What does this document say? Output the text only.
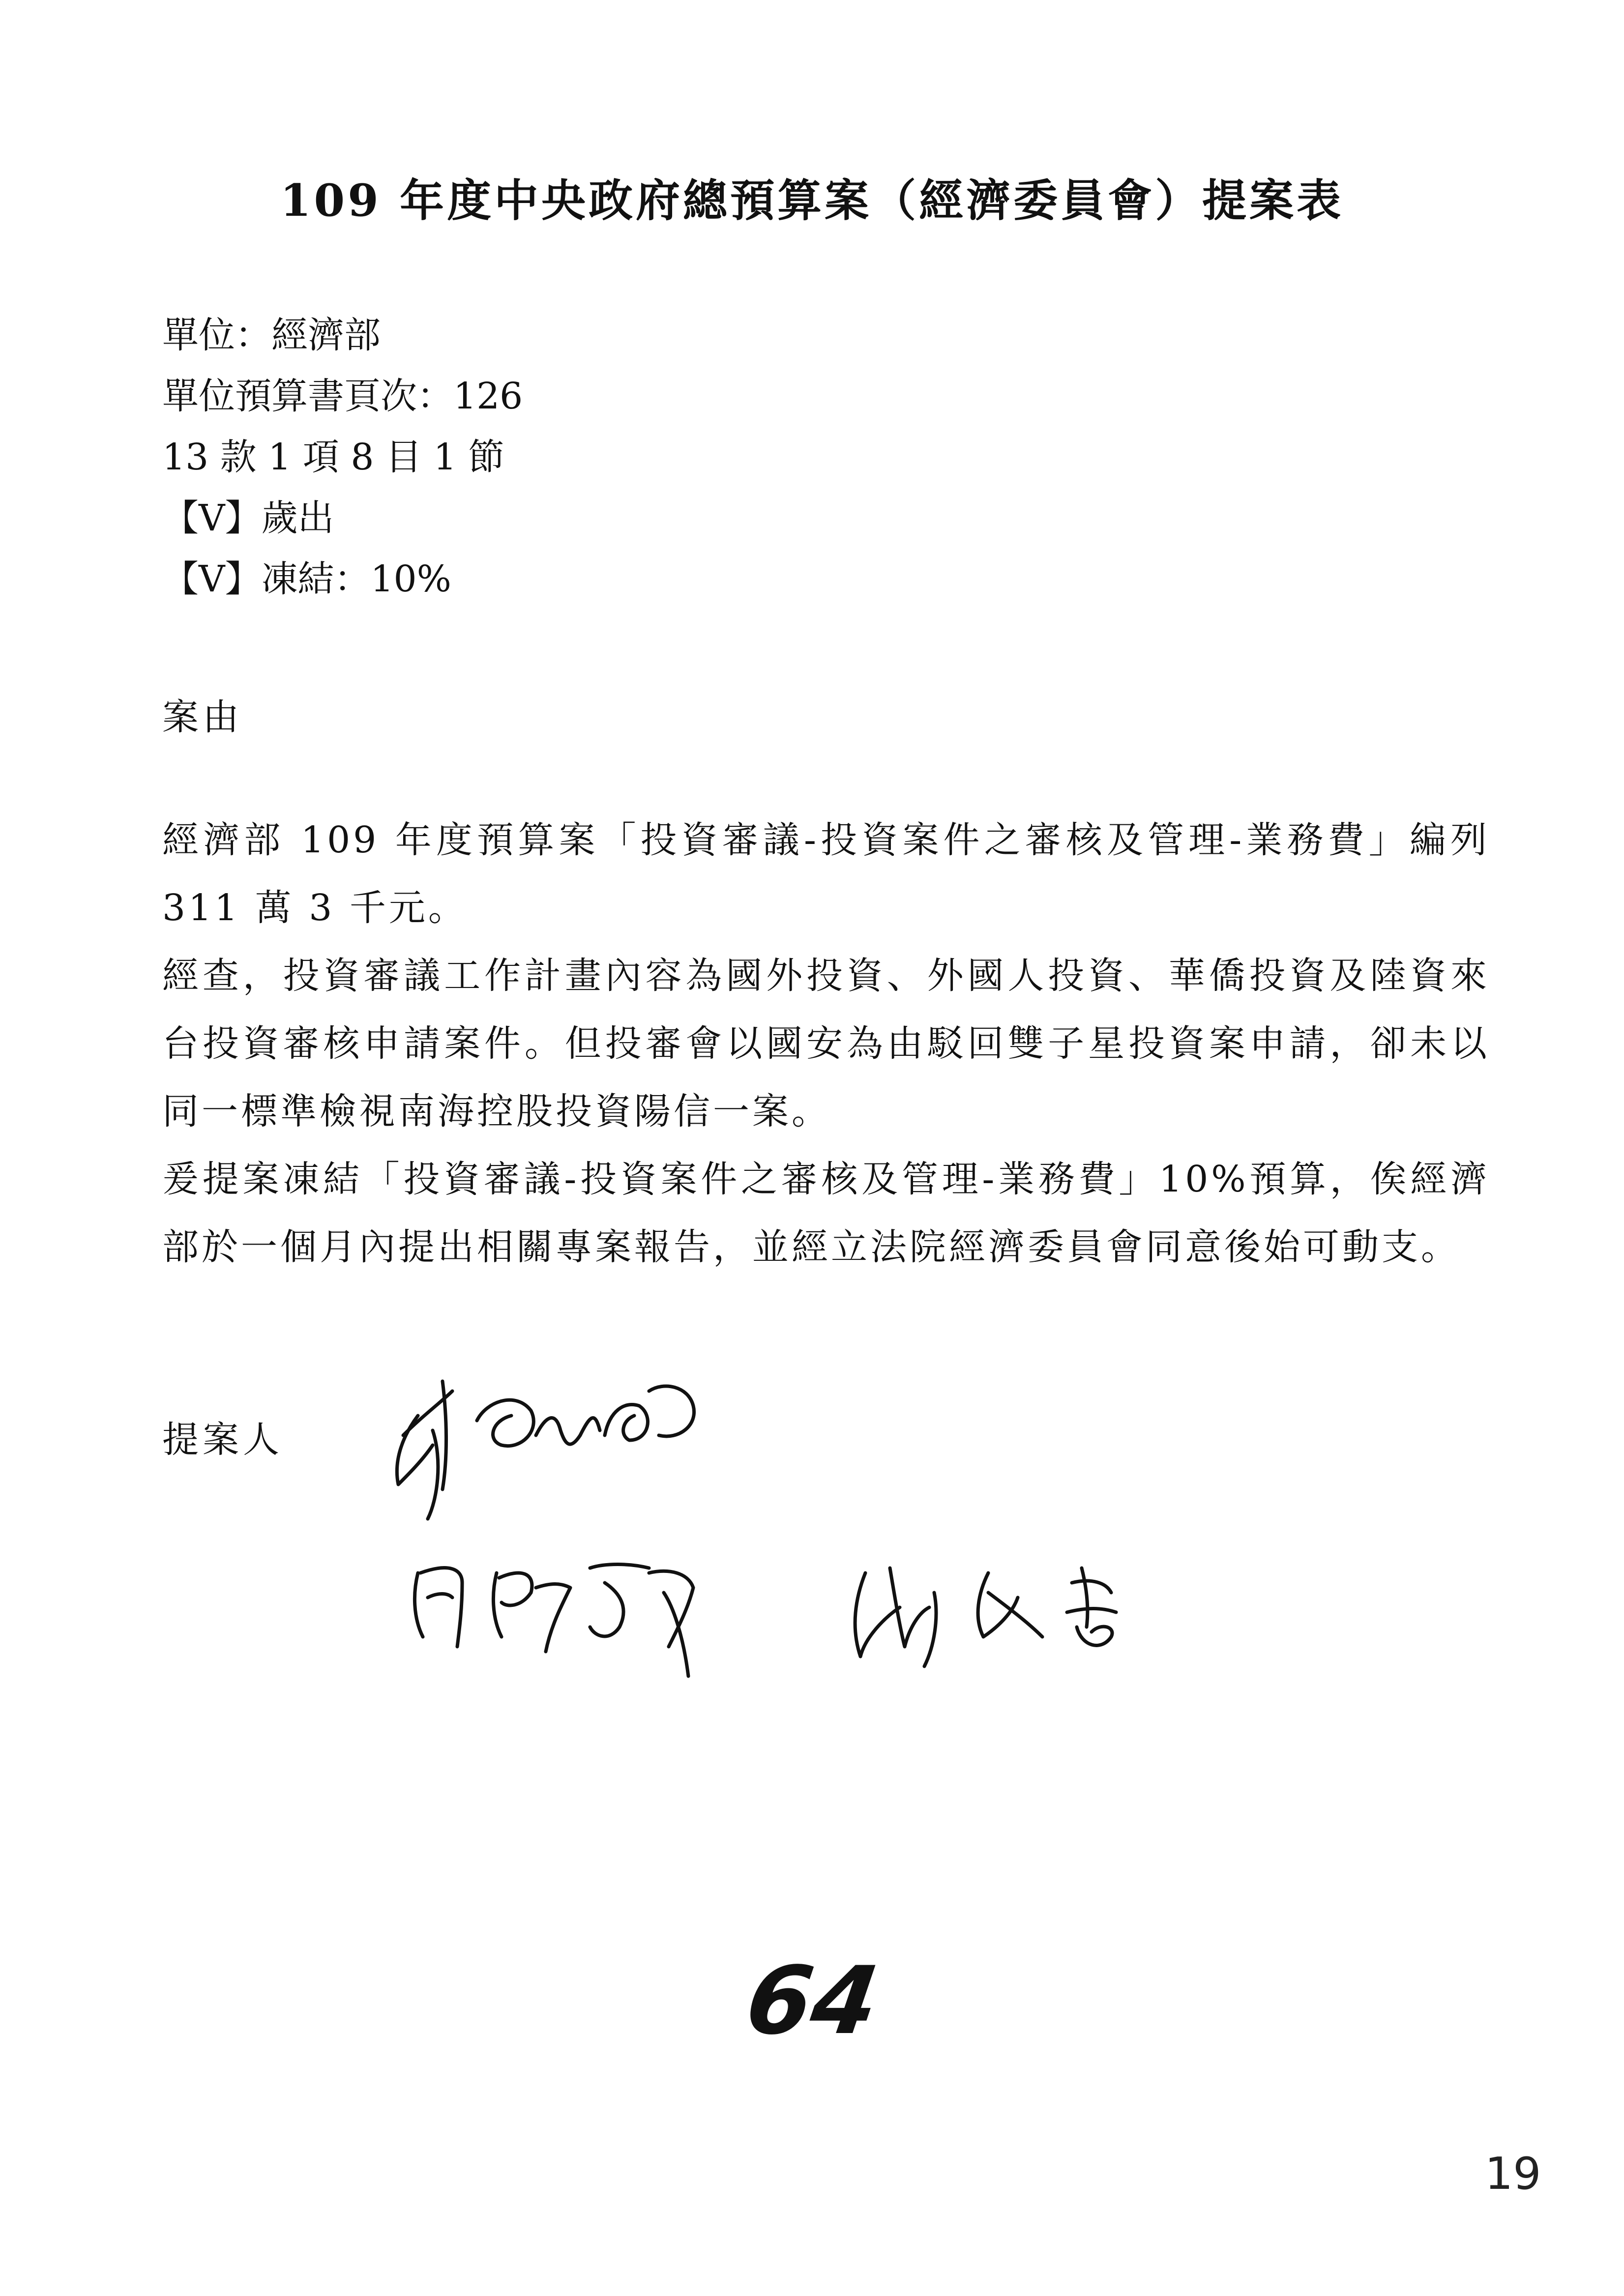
109 年度中央政府總預算案（經濟委員會）提案表
單位：經濟部
單位預算書頁次：126
13 款 1 項 8 目 1 節
【V】歲出
【V】凍結：10%
案由
經濟部 109 年度預算案「投資審議-投資案件之審核及管理-業務費」編列 311 萬 3 千元。
經查，投資審議工作計畫內容為國外投資、外國人投資、華僑投資及陸資來台投資審核申請案件。但投審會以國安為由駁回雙子星投資案申請，卻未以同一標準檢視南海控股投資陽信一案。
爰提案凍結「投資審議-投資案件之審核及管理-業務費」10%預算，俟經濟部於一個月內提出相關專案報告，並經立法院經濟委員會同意後始可動支。
提案人
64
19
